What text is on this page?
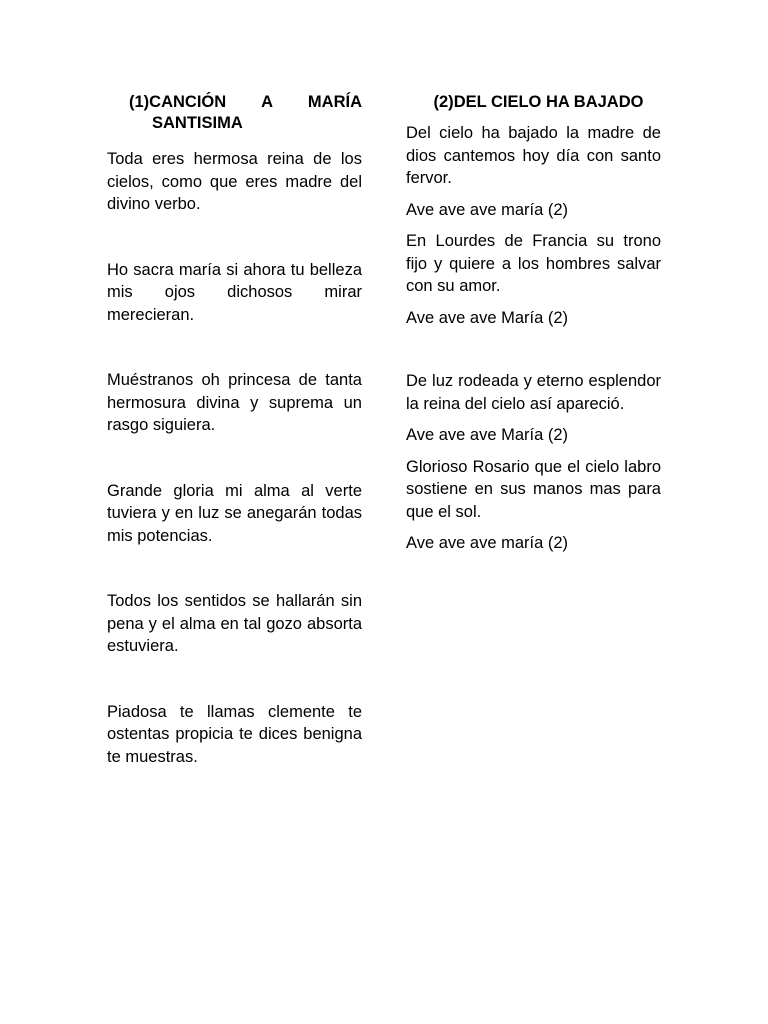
(1) CANCIÓN A MARÍA
SANTISIMA

Toda eres hermosa reina de los cielos, como que eres madre del divino verbo.

Ho sacra maría si ahora tu belleza mis ojos dichosos mirar merecieran.

Muéstranos oh princesa de tanta hermosura divina y suprema un rasgo siguiera.

Grande gloria mi alma al verte tuviera y en luz se anegarán todas mis potencias.

Todos los sentidos se hallarán sin pena y el alma en tal gozo absorta estuviera.

Piadosa te llamas clemente te ostentas propicia te dices benigna te muestras.

(2)DEL CIELO HA BAJADO

Del cielo ha bajado la madre de dios cantemos hoy día con santo fervor.

Ave ave ave maría (2)

En Lourdes de Francia su trono fijo y quiere a los hombres salvar con su amor.

Ave ave ave María (2)

De luz rodeada y eterno esplendor la reina del cielo así apareció.

Ave ave ave María (2)

Glorioso Rosario que el cielo labro sostiene en sus manos mas para que el sol.

Ave ave ave maría (2)
